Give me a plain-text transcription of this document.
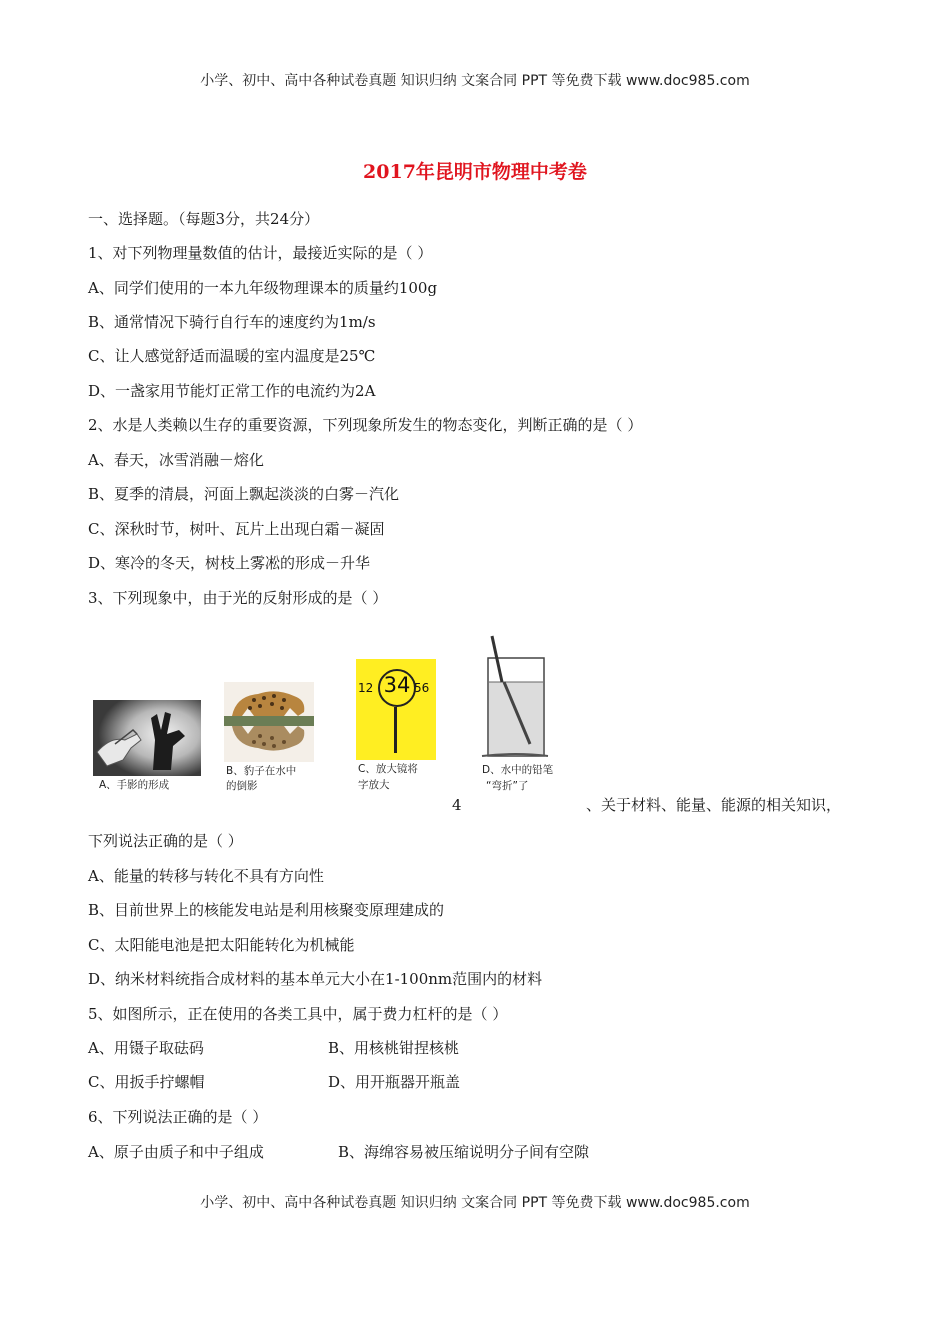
小学、初中、高中各种试卷真题 知识归纳 文案合同 PPT 等免费下载 www.doc985.com
2017年昆明市物理中考卷
一、选择题。（每题3分，共24分）
1、对下列物理量数值的估计，最接近实际的是（ ）
A、同学们使用的一本九年级物理课本的质量约100g
B、通常情况下骑行自行车的速度约为1m/s
C、让人感觉舒适而温暖的室内温度是25℃
D、一盏家用节能灯正常工作的电流约为2A
2、水是人类赖以生存的重要资源，下列现象所发生的物态变化，判断正确的是（ ）
A、春天，冰雪消融－熔化
B、夏季的清晨，河面上飘起淡淡的白雾－汽化
C、深秋时节，树叶、瓦片上出现白霜－凝固
D、寒冷的冬天，树枝上雾凇的形成－升华
3、下列现象中，由于光的反射形成的是（ ）
A、手影的形成
B、豹子在水中
的倒影
12	56
34
C、放大镜将
字放大
D、水中的铅笔
“弯折”了
4	、关于材料、能量、能源的相关知识，
下列说法正确的是（ ）
A、能量的转移与转化不具有方向性
B、目前世界上的核能发电站是利用核聚变原理建成的
C、太阳能电池是把太阳能转化为机械能
D、纳米材料统指合成材料的基本单元大小在1-100nm范围内的材料
5、如图所示，正在使用的各类工具中，属于费力杠杆的是（ ）
A、用镊子取砝码	B、用核桃钳捏核桃
C、用扳手拧螺帽	D、用开瓶器开瓶盖
6、下列说法正确的是（ ）
A、原子由质子和中子组成	B、海绵容易被压缩说明分子间有空隙
小学、初中、高中各种试卷真题 知识归纳 文案合同 PPT 等免费下载 www.doc985.com
